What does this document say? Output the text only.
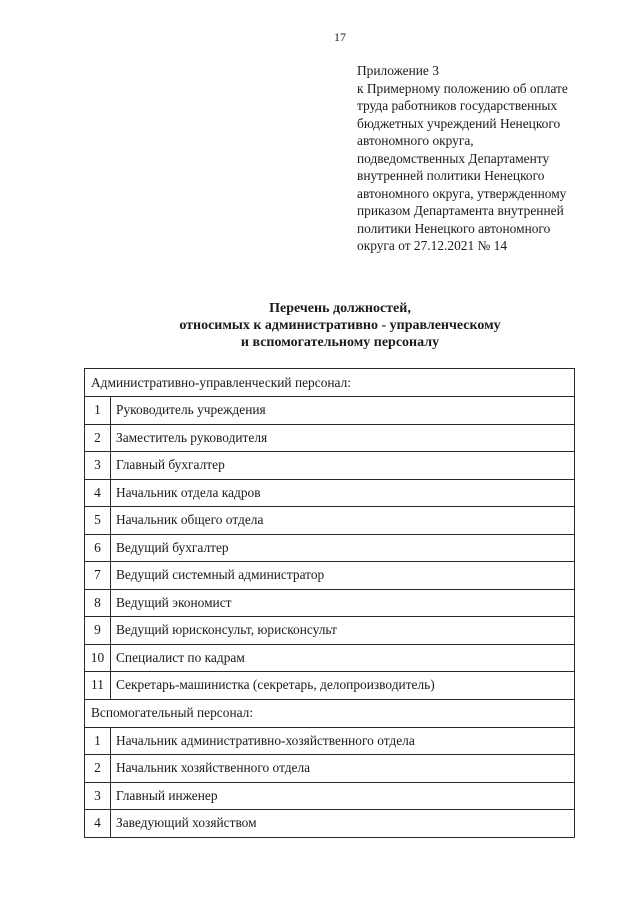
17
Приложение 3
к Примерному положению об оплате
труда работников государственных
бюджетных учреждений Ненецкого
автономного округа,
подведомственных Департаменту
внутренней политики Ненецкого
автономного округа, утвержденному
приказом Департамента внутренней
политики Ненецкого автономного
округа от 27.12.2021 № 14
Перечень должностей,
относимых к административно - управленческому
и вспомогательному персоналу
Административно-управленческий персонал:	
1	Руководитель учреждения
2	Заместитель руководителя
3	Главный бухгалтер
4	Начальник отдела кадров
5	Начальник общего отдела
6	Ведущий бухгалтер
7	Ведущий системный администратор
8	Ведущий экономист
9	Ведущий юрисконсульт, юрисконсульт
10	Специалист по кадрам
11	Секретарь-машинистка (секретарь, делопроизводитель)
Вспомогательный персонал:	
1	Начальник административно-хозяйственного отдела
2	Начальник хозяйственного отдела
3	Главный инженер
4	Заведующий хозяйством
